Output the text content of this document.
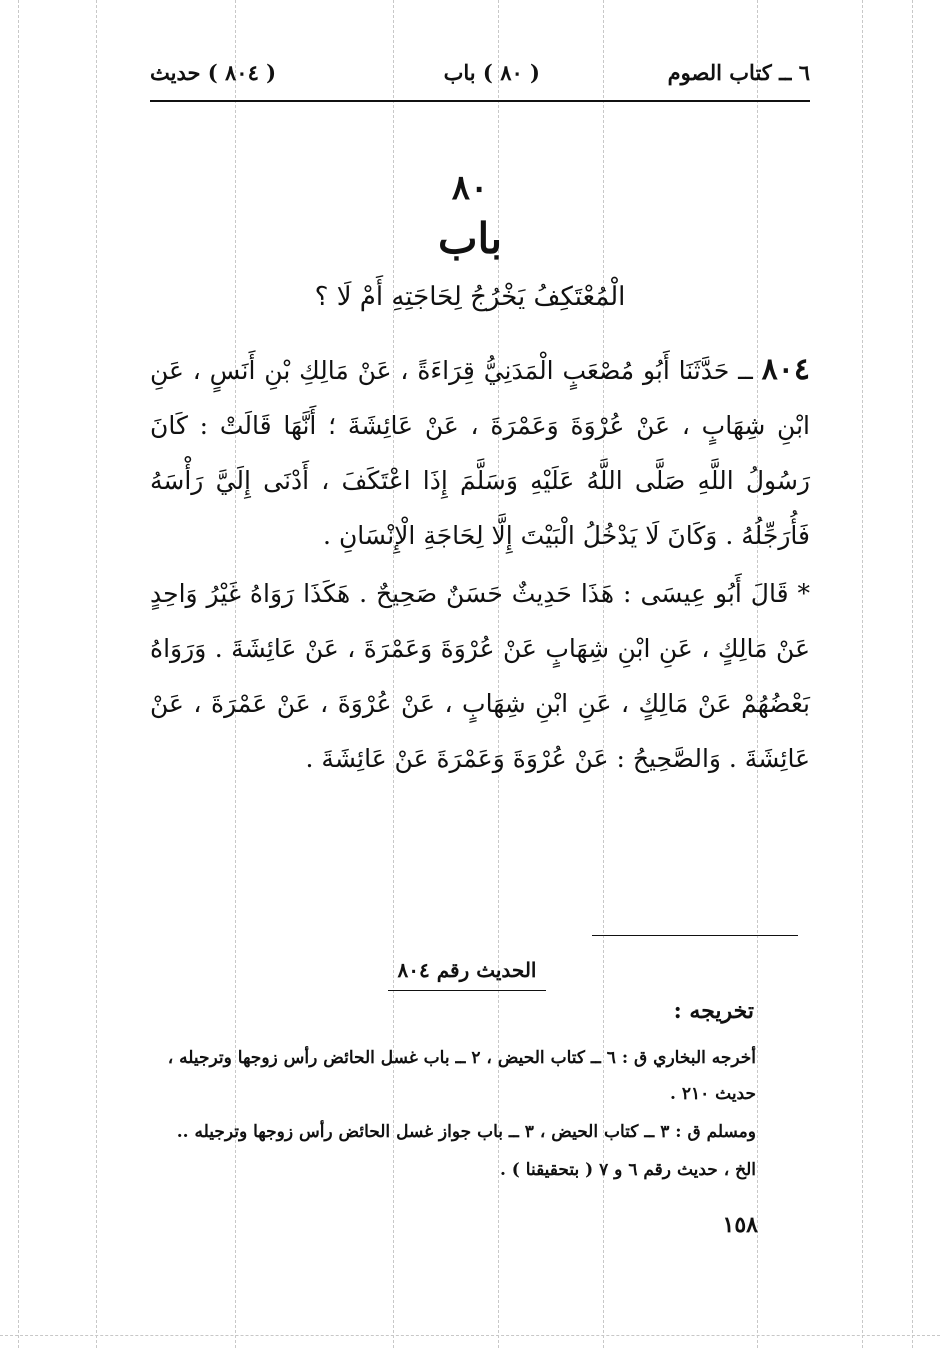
٦ ــ كتاب الصوم
( ٨٠ ) باب
( ٨٠٤ ) حديث
٨٠
باب
الْمُعْتَكِفُ يَخْرُجُ لِحَاجَتِهِ أَمْ لَا ؟
٨٠٤ ــ حَدَّثَنَا أَبُو مُصْعَبٍ الْمَدَنِيُّ قِرَاءَةً ، عَنْ مَالِكِ بْنِ أَنَسٍ ، عَنِ ابْنِ شِهَابٍ ، عَنْ عُرْوَةَ وَعَمْرَةَ ، عَنْ عَائِشَةَ ؛ أَنَّهَا قَالَتْ : كَانَ رَسُولُ اللَّهِ صَلَّى اللَّهُ عَلَيْهِ وَسَلَّمَ إِذَا اعْتَكَفَ ، أَدْنَى إِلَيَّ رَأْسَهُ فَأُرَجِّلُهُ . وَكَانَ لَا يَدْخُلُ الْبَيْتَ إِلَّا لِحَاجَةِ الْإِنْسَانِ .
* قَالَ أَبُو عِيسَى : هَذَا حَدِيثٌ حَسَنٌ صَحِيحٌ . هَكَذَا رَوَاهُ غَيْرُ وَاحِدٍ عَنْ مَالِكٍ ، عَنِ ابْنِ شِهَابٍ عَنْ عُرْوَةَ وَعَمْرَةَ ، عَنْ عَائِشَةَ . وَرَوَاهُ بَعْضُهُمْ عَنْ مَالِكٍ ، عَنِ ابْنِ شِهَابٍ ، عَنْ عُرْوَةَ ، عَنْ عَمْرَةَ ، عَنْ عَائِشَةَ . وَالصَّحِيحُ : عَنْ عُرْوَةَ وَعَمْرَةَ عَنْ عَائِشَةَ .
الحديث رقم ٨٠٤
تخريجه :
أخرجه البخاري ق : ٦ ــ كتاب الحيض ، ٢ ــ باب غسل الحائض رأس زوجها وترجيله ،
حديث ٢١٠ .
ومسلم ق : ٣ ــ كتاب الحيض ، ٣ ــ باب جواز غسل الحائض رأس زوجها وترجيله ..
الخ ، حديث رقم ٦ و ٧ ( بتحقيقنا ) .
١٥٨
